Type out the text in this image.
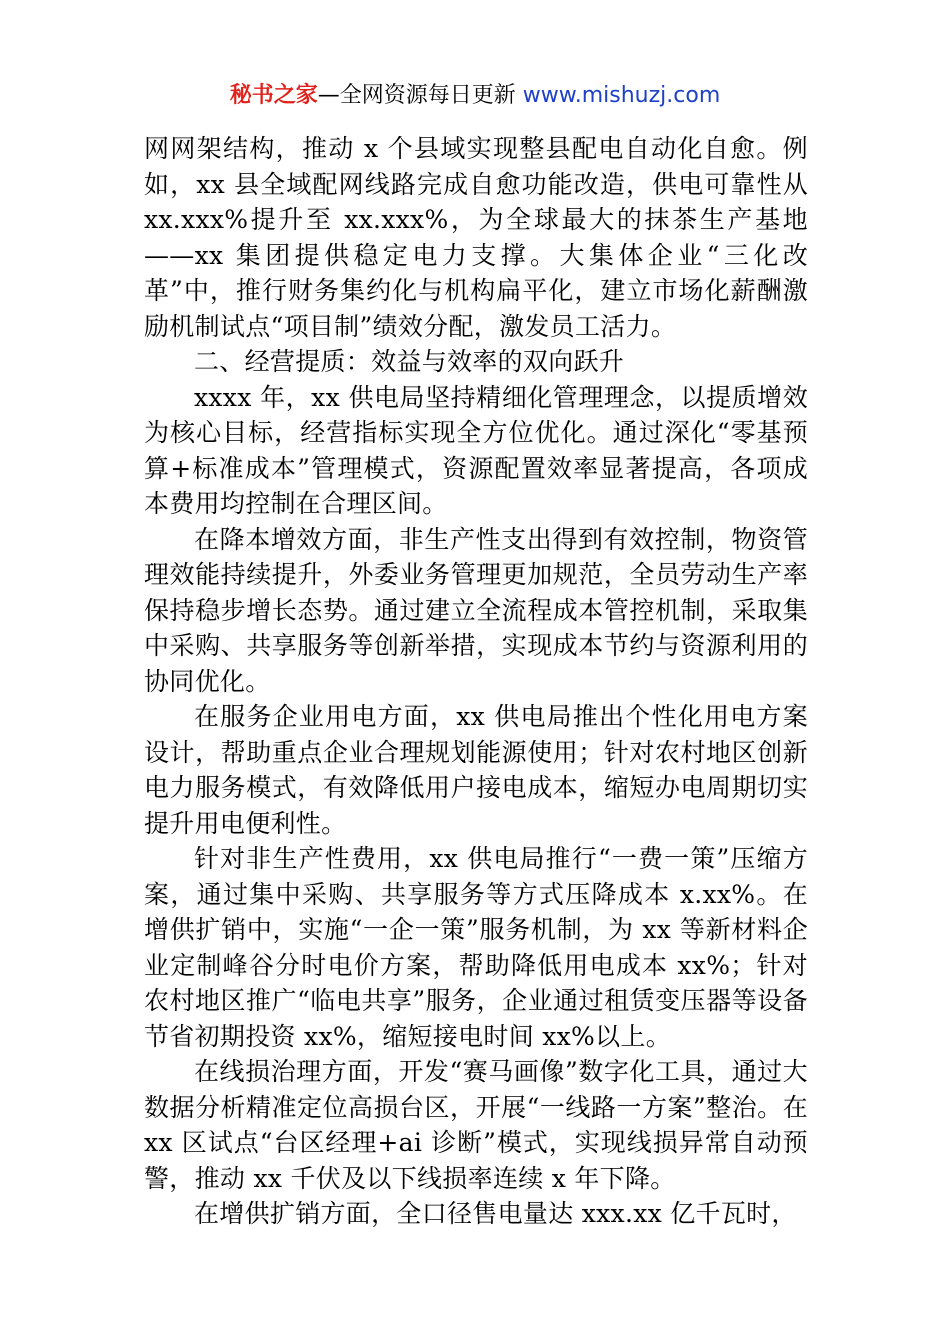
秘书之家—全网资源每日更新 www.mishuzj.com

网网架结构，推动 x 个县域实现整县配电自动化自愈。例如，xx 县全域配网线路完成自愈功能改造，供电可靠性从 xx.xxx%提升至 xx.xxx%，为全球最大的抹茶生产基地——xx 集团提供稳定电力支撑。大集体企业“三化改革”中，推行财务集约化与机构扁平化，建立市场化薪酬激励机制试点“项目制”绩效分配，激发员工活力。

二、经营提质：效益与效率的双向跃升

xxxx 年，xx 供电局坚持精细化管理理念，以提质增效为核心目标，经营指标实现全方位优化。通过深化“零基预算+标准成本”管理模式，资源配置效率显著提高，各项成本费用均控制在合理区间。

在降本增效方面，非生产性支出得到有效控制，物资管理效能持续提升，外委业务管理更加规范，全员劳动生产率保持稳步增长态势。通过建立全流程成本管控机制，采取集中采购、共享服务等创新举措，实现成本节约与资源利用的协同优化。

在服务企业用电方面，xx 供电局推出个性化用电方案设计，帮助重点企业合理规划能源使用；针对农村地区创新电力服务模式，有效降低用户接电成本，缩短办电周期切实提升用电便利性。

针对非生产性费用，xx 供电局推行“一费一策”压缩方案，通过集中采购、共享服务等方式压降成本 x.xx%。在增供扩销中，实施“一企一策”服务机制，为 xx 等新材料企业定制峰谷分时电价方案，帮助降低用电成本 xx%；针对农村地区推广“临电共享”服务，企业通过租赁变压器等设备节省初期投资 xx%，缩短接电时间 xx%以上。

在线损治理方面，开发“赛马画像”数字化工具，通过大数据分析精准定位高损台区，开展“一线路一方案”整治。在 xx 区试点“台区经理+ai 诊断”模式，实现线损异常自动预警，推动 xx 千伏及以下线损率连续 x 年下降。

在增供扩销方面，全口径售电量达 xxx.xx 亿千瓦时，
